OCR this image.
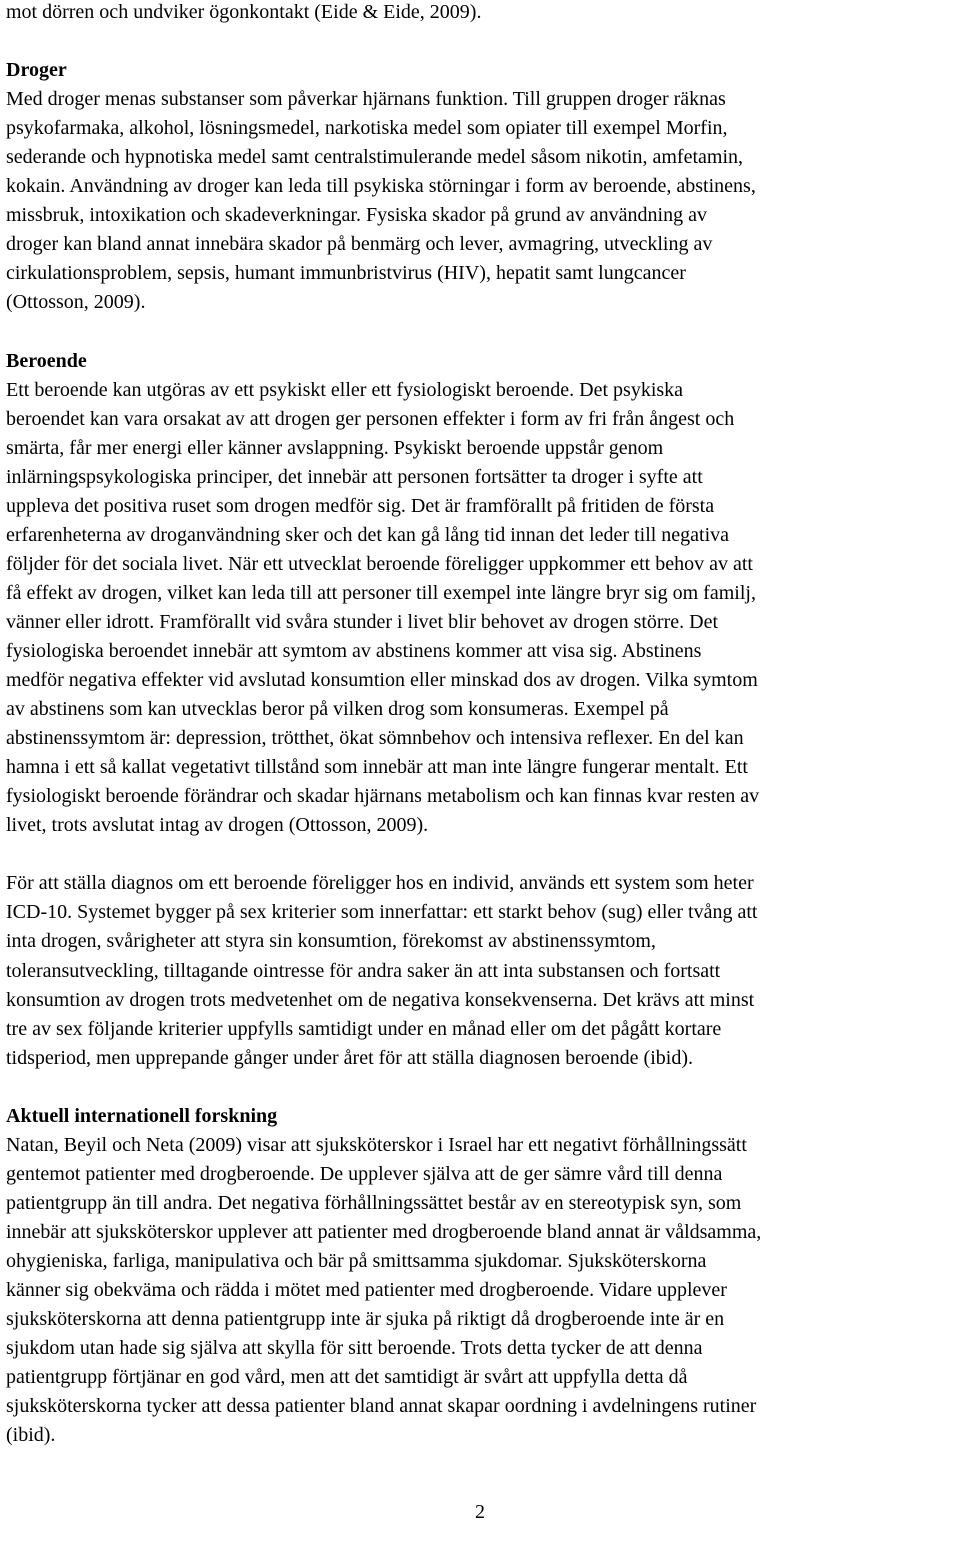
mot dörren och undviker ögonkontakt (Eide & Eide, 2009).
Droger
Med droger menas substanser som påverkar hjärnans funktion. Till gruppen droger räknas
psykofarmaka, alkohol, lösningsmedel, narkotiska medel som opiater till exempel Morfin,
sederande och hypnotiska medel samt centralstimulerande medel såsom nikotin, amfetamin,
kokain. Användning av droger kan leda till psykiska störningar i form av beroende, abstinens,
missbruk, intoxikation och skadeverkningar. Fysiska skador på grund av användning av
droger kan bland annat innebära skador på benmärg och lever, avmagring, utveckling av
cirkulationsproblem, sepsis, humant immunbristvirus (HIV), hepatit samt lungcancer
(Ottosson, 2009).
Beroende
Ett beroende kan utgöras av ett psykiskt eller ett fysiologiskt beroende. Det psykiska
beroendet kan vara orsakat av att drogen ger personen effekter i form av fri från ångest och
smärta, får mer energi eller känner avslappning. Psykiskt beroende uppstår genom
inlärningspsykologiska principer, det innebär att personen fortsätter ta droger i syfte att
uppleva det positiva ruset som drogen medför sig. Det är framförallt på fritiden de första
erfarenheterna av droganvändning sker och det kan gå lång tid innan det leder till negativa
följder för det sociala livet. När ett utvecklat beroende föreligger uppkommer ett behov av att
få effekt av drogen, vilket kan leda till att personer till exempel inte längre bryr sig om familj,
vänner eller idrott. Framförallt vid svåra stunder i livet blir behovet av drogen större. Det
fysiologiska beroendet innebär att symtom av abstinens kommer att visa sig. Abstinens
medför negativa effekter vid avslutad konsumtion eller minskad dos av drogen. Vilka symtom
av abstinens som kan utvecklas beror på vilken drog som konsumeras. Exempel på
abstinenssymtom är: depression, trötthet, ökat sömnbehov och intensiva reflexer. En del kan
hamna i ett så kallat vegetativt tillstånd som innebär att man inte längre fungerar mentalt. Ett
fysiologiskt beroende förändrar och skadar hjärnans metabolism och kan finnas kvar resten av
livet, trots avslutat intag av drogen (Ottosson, 2009).
För att ställa diagnos om ett beroende föreligger hos en individ, används ett system som heter
ICD-10. Systemet bygger på sex kriterier som innerfattar: ett starkt behov (sug) eller tvång att
inta drogen, svårigheter att styra sin konsumtion, förekomst av abstinenssymtom,
toleransutveckling, tilltagande ointresse för andra saker än att inta substansen och fortsatt
konsumtion av drogen trots medvetenhet om de negativa konsekvenserna. Det krävs att minst
tre av sex följande kriterier uppfylls samtidigt under en månad eller om det pågått kortare
tidsperiod, men upprepande gånger under året för att ställa diagnosen beroende (ibid).
Aktuell internationell forskning
Natan, Beyil och Neta (2009) visar att sjuksköterskor i Israel har ett negativt förhållningssätt
gentemot patienter med drogberoende. De upplever själva att de ger sämre vård till denna
patientgrupp än till andra. Det negativa förhållningssättet består av en stereotypisk syn, som
innebär att sjuksköterskor upplever att patienter med drogberoende bland annat är våldsamma,
ohygieniska, farliga, manipulativa och bär på smittsamma sjukdomar. Sjuksköterskorna
känner sig obekväma och rädda i mötet med patienter med drogberoende. Vidare upplever
sjuksköterskorna att denna patientgrupp inte är sjuka på riktigt då drogberoende inte är en
sjukdom utan hade sig själva att skylla för sitt beroende. Trots detta tycker de att denna
patientgrupp förtjänar en god vård, men att det samtidigt är svårt att uppfylla detta då
sjuksköterskorna tycker att dessa patienter bland annat skapar oordning i avdelningens rutiner
(ibid).
2
